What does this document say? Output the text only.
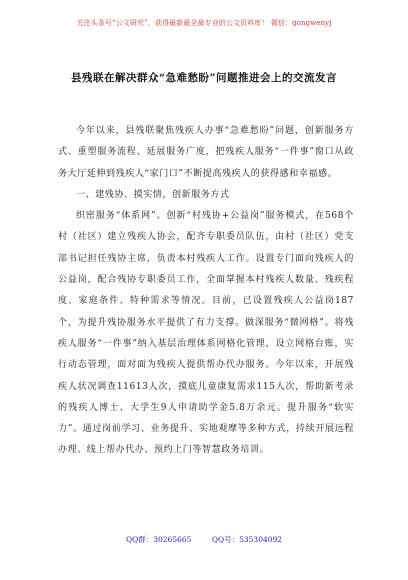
关注头条号“公文研究”，获得最新最全最专业的公文资料库！ 微信：gongwenyj
县残联在解决群众“急难愁盼”问题推进会上的交流发言

今年以来，县残联聚焦残疾人办事“急难愁盼”问题，创新服务方式、重塑服务流程、延展服务广度，把残疾人服务“一件事”窗口从政务大厅延伸到残疾人“家门口”不断提高残疾人的获得感和幸福感。

一、建残协、摸实情，创新服务方式

织密服务“体系网”。创新“村残协+公益岗”服务模式，在568个村（社区）建立残疾人协会，配齐专职委员队伍，由村（社区）党支部书记担任残协主席，负责本村残疾人工作。设置专门面向残疾人的公益岗，配合残协专职委员工作，全面掌握本村残疾人数量、残疾程度、家庭条件、特种需求等情况。目前，已设置残疾人公益岗187个，为提升残协服务水平提供了有力支撑。做深服务“微网格”。将残疾人服务“一件事”纳入基层治理体系网格化管理，设立网格台账，实行动态管理，面对面为残疾人提供帮办代办服务。今年以来，开展残疾人状况调查11613人次，摸底儿童康复需求115人次，帮助新考录的残疾人博士、大学生9人申请助学金5.8万余元。提升服务“软实力”。通过岗前学习、业务提升、实地观摩等多种方式，持续开展远程办理、线上帮办代办、预约上门等智慧政务培训。

QQ群：30265665	QQ号：535304092
